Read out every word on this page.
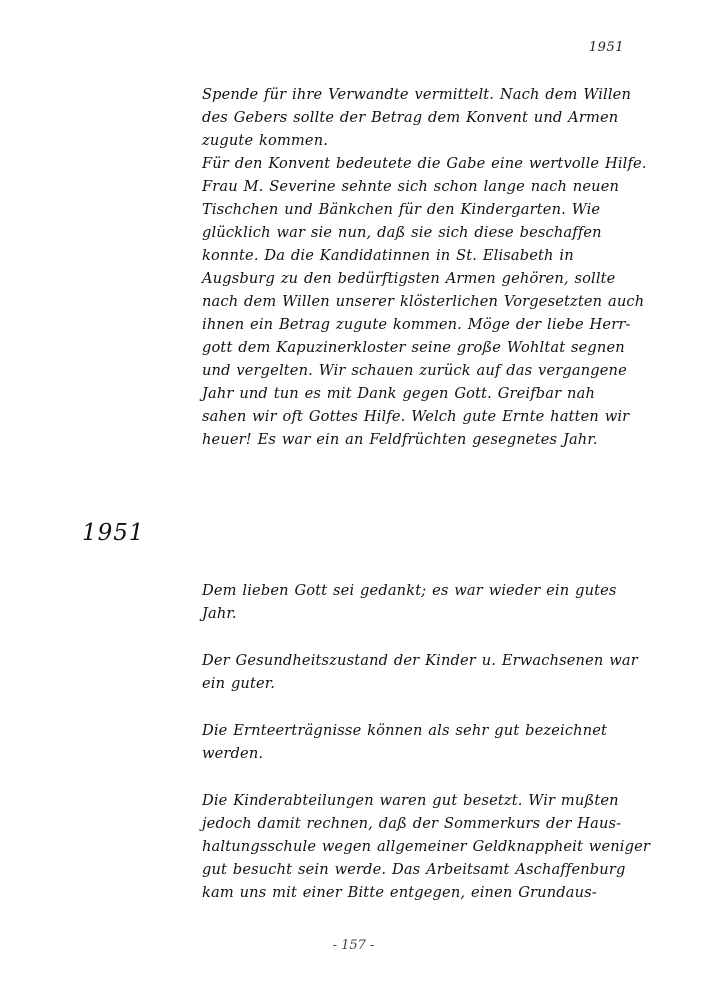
1951

Spende für ihre Verwandte vermittelt. Nach dem Willen

des Gebers sollte der Betrag dem Konvent und Armen

zugute kommen.

Für den Konvent bedeutete die Gabe eine wertvolle Hilfe.

Frau M. Severine sehnte sich schon lange nach neuen

Tischchen und Bänkchen für den Kindergarten. Wie

glücklich war sie nun, daß sie sich diese beschaffen

konnte. Da die Kandidatinnen in St. Elisabeth in

Augsburg zu den bedürftigsten Armen gehören, sollte

nach dem Willen unserer klösterlichen Vorgesetzten auch

ihnen ein Betrag zugute kommen. Möge der liebe Herr-

gott dem Kapuzinerkloster seine große Wohltat segnen

und vergelten. Wir schauen zurück auf das vergangene

Jahr und tun es mit Dank gegen Gott. Greifbar nah

sahen wir oft Gottes Hilfe. Welch gute Ernte hatten wir

heuer! Es war ein an Feldfrüchten gesegnetes Jahr.

1951

Dem lieben Gott sei gedankt; es war wieder ein gutes

Jahr.

Der Gesundheitszustand der Kinder u. Erwachsenen war

ein guter.

Die Ernteerträgnisse können als sehr gut bezeichnet

werden.

Die Kinderabteilungen waren gut besetzt. Wir mußten

jedoch damit rechnen, daß der Sommerkurs der Haus-

haltungsschule wegen allgemeiner Geldknappheit weniger

gut besucht sein werde. Das Arbeitsamt Aschaffenburg

kam uns mit einer Bitte entgegen, einen Grundaus-

- 157 -
